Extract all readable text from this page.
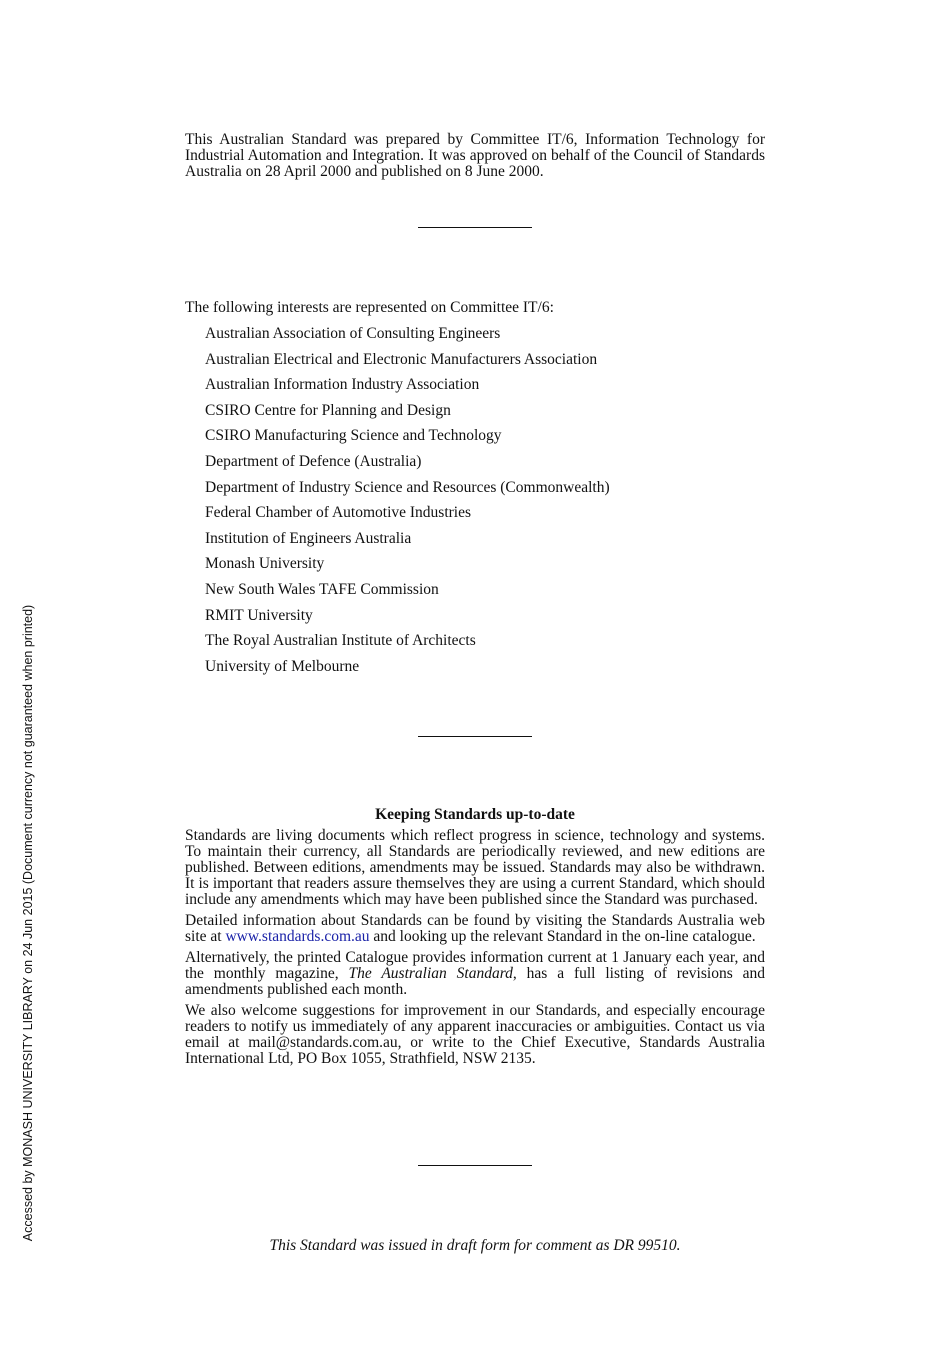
This Australian Standard was prepared by Committee IT/6, Information Technology for Industrial Automation and Integration. It was approved on behalf of the Council of Standards Australia on 28 April 2000 and published on 8 June 2000.

The following interests are represented on Committee IT/6:

Australian Association of Consulting Engineers
Australian Electrical and Electronic Manufacturers Association
Australian Information Industry Association
CSIRO Centre for Planning and Design
CSIRO Manufacturing Science and Technology
Department of Defence (Australia)
Department of Industry Science and Resources (Commonwealth)
Federal Chamber of Automotive Industries
Institution of Engineers Australia
Monash University
New South Wales TAFE Commission
RMIT University
The Royal Australian Institute of Architects
University of Melbourne
Keeping Standards up-to-date

Standards are living documents which reflect progress in science, technology and systems. To maintain their currency, all Standards are periodically reviewed, and new editions are published. Between editions, amendments may be issued. Standards may also be withdrawn. It is important that readers assure themselves they are using a current Standard, which should include any amendments which may have been published since the Standard was purchased.

Detailed information about Standards can be found by visiting the Standards Australia web site at www.standards.com.au and looking up the relevant Standard in the on-line catalogue.

Alternatively, the printed Catalogue provides information current at 1 January each year, and the monthly magazine, The Australian Standard, has a full listing of revisions and amendments published each month.

We also welcome suggestions for improvement in our Standards, and especially encourage readers to notify us immediately of any apparent inaccuracies or ambiguities. Contact us via email at mail@standards.com.au, or write to the Chief Executive, Standards Australia International Ltd, PO Box 1055, Strathfield, NSW 2135.

This Standard was issued in draft form for comment as DR 99510.

Accessed by MONASH UNIVERSITY LIBRARY on 24 Jun 2015 (Document currency not guaranteed when printed)
